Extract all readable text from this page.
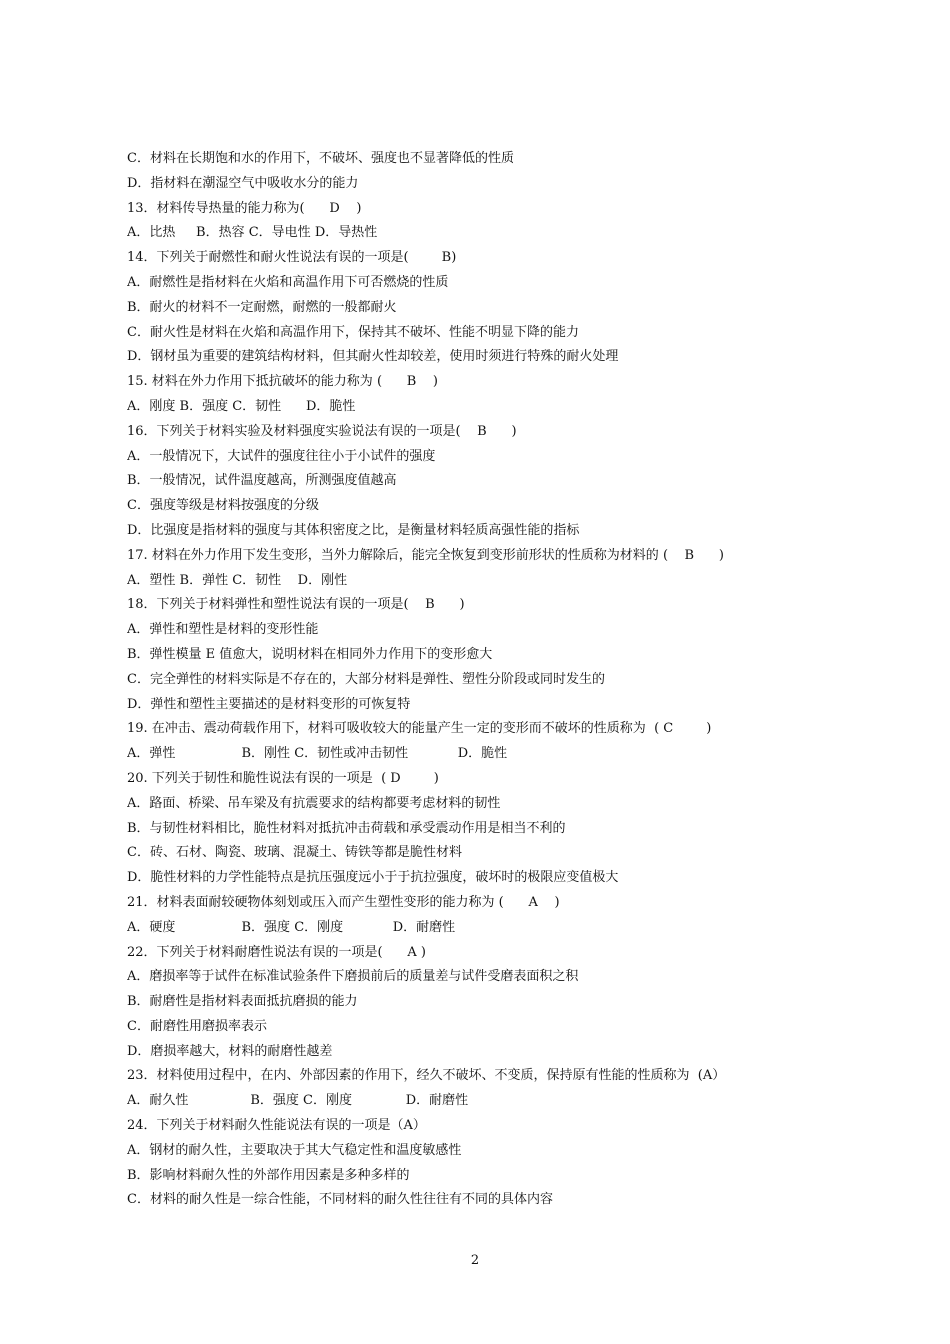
C．材料在长期饱和水的作用下，不破坏、强度也不显著降低的性质
D．指材料在潮湿空气中吸收水分的能力
13．材料传导热量的能力称为(      D    )
A．比热     B．热容 C．导电性 D．导热性
14．下列关于耐燃性和耐火性说法有误的一项是(        B)
A．耐燃性是指材料在火焰和高温作用下可否燃烧的性质
B．耐火的材料不一定耐燃，耐燃的一般都耐火
C．耐火性是材料在火焰和高温作用下，保持其不破坏、性能不明显下降的能力
D．钢材虽为重要的建筑结构材料，但其耐火性却较差，使用时须进行特殊的耐火处理
15. 材料在外力作用下抵抗破坏的能力称为 (      B    )
A．刚度 B．强度 C．韧性      D．脆性
16．下列关于材料实验及材料强度实验说法有误的一项是(    B      )
A．一般情况下，大试件的强度往往小于小试件的强度
B．一般情况，试件温度越高，所测强度值越高
C．强度等级是材料按强度的分级
D．比强度是指材料的强度与其体积密度之比，是衡量材料轻质高强性能的指标
17. 材料在外力作用下发生变形，当外力解除后，能完全恢复到变形前形状的性质称为材料的 (    B      )
A．塑性 B．弹性 C．韧性    D．刚性
18．下列关于材料弹性和塑性说法有误的一项是(    B      )
A．弹性和塑性是材料的变形性能
B．弹性模量 E 值愈大，说明材料在相同外力作用下的变形愈大
C．完全弹性的材料实际是不存在的，大部分材料是弹性、塑性分阶段或同时发生的
D．弹性和塑性主要描述的是材料变形的可恢复特
19. 在冲击、震动荷载作用下，材料可吸收较大的能量产生一定的变形而不破坏的性质称为  ( C        )
A．弹性                B．刚性 C．韧性或冲击韧性            D．脆性
20. 下列关于韧性和脆性说法有误的一项是  ( D        )
A．路面、桥梁、吊车梁及有抗震要求的结构都要考虑材料的韧性
B．与韧性材料相比，脆性材料对抵抗冲击荷载和承受震动作用是相当不利的
C．砖、石材、陶瓷、玻璃、混凝土、铸铁等都是脆性材料
D．脆性材料的力学性能特点是抗压强度远小于于抗拉强度，破坏时的极限应变值极大
21．材料表面耐较硬物体刻划或压入而产生塑性变形的能力称为 (      A    )
A．硬度                B．强度 C．刚度            D．耐磨性
22．下列关于材料耐磨性说法有误的一项是(      A )
A．磨损率等于试件在标准试验条件下磨损前后的质量差与试件受磨表面积之积
B．耐磨性是指材料表面抵抗磨损的能力
C．耐磨性用磨损率表示
D．磨损率越大，材料的耐磨性越差
23．材料使用过程中，在内、外部因素的作用下，经久不破坏、不变质，保持原有性能的性质称为  (A）
A．耐久性               B．强度 C．刚度             D．耐磨性
24．下列关于材料耐久性能说法有误的一项是（A）
A．钢材的耐久性，主要取决于其大气稳定性和温度敏感性
B．影响材料耐久性的外部作用因素是多种多样的
C．材料的耐久性是一综合性能，不同材料的耐久性往往有不同的具体内容
2
